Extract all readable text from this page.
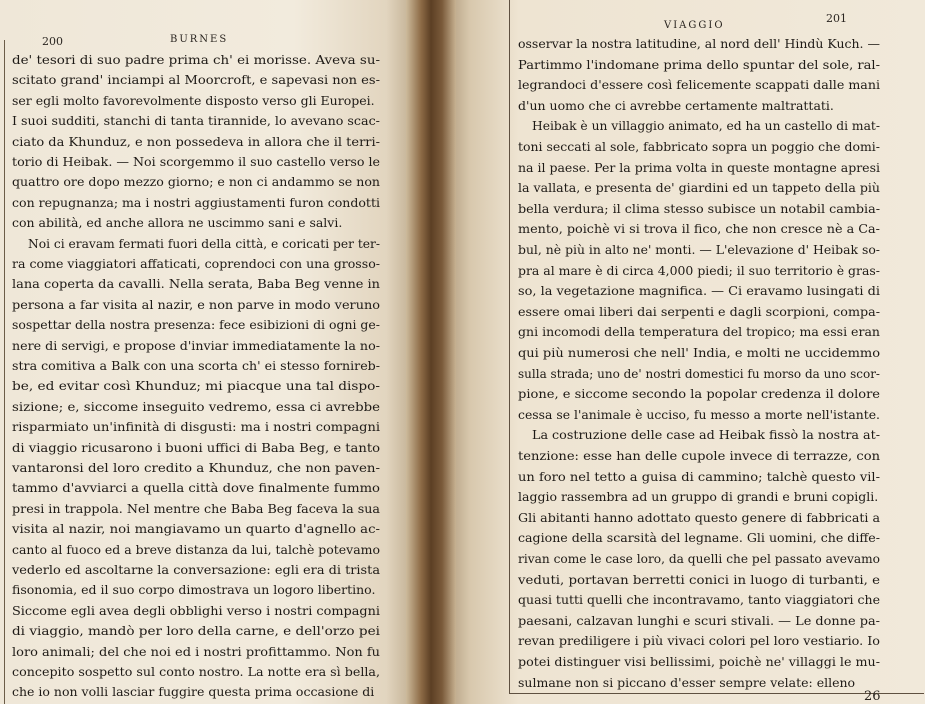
200	BURNES
VIAGGIO
201
de' tesori di suo padre prima ch' ei morisse. Aveva su-
scitato grand' inciampi al Moorcroft, e sapevasi non es-
ser egli molto favorevolmente disposto verso gli Europei.
I suoi sudditi, stanchi di tanta tirannide, lo avevano scac-
ciato da Khunduz, e non possedeva in allora che il terri-
torio di Heibak. — Noi scorgemmo il suo castello verso le
quattro ore dopo mezzo giorno; e non ci andammo se non
con repugnanza; ma i nostri aggiustamenti furon condotti
con abilità, ed anche allora ne uscimmo sani e salvi.
Noi ci eravam fermati fuori della città, e coricati per ter-
ra come viaggiatori affaticati, coprendoci con una grosso-
lana coperta da cavalli. Nella serata, Baba Beg venne in
persona a far visita al nazir, e non parve in modo veruno
sospettar della nostra presenza: fece esibizioni di ogni ge-
nere di servigi, e propose d'inviar immediatamente la no-
stra comitiva a Balk con una scorta ch' ei stesso fornireb-
be, ed evitar così Khunduz; mi piacque una tal dispo-
sizione; e, siccome inseguito vedremo, essa ci avrebbe
risparmiato un'infinità di disgusti: ma i nostri compagni
di viaggio ricusarono i buoni uffici di Baba Beg, e tanto
vantaronsi del loro credito a Khunduz, che non paven-
tammo d'avviarci a quella città dove finalmente fummo
presi in trappola. Nel mentre che Baba Beg faceva la sua
visita al nazir, noi mangiavamo un quarto d'agnello ac-
canto al fuoco ed a breve distanza da lui, talchè potevamo
vederlo ed ascoltarne la conversazione: egli era di trista
fisonomia, ed il suo corpo dimostrava un logoro libertino.
Siccome egli avea degli obblighi verso i nostri compagni
di viaggio, mandò per loro della carne, e dell'orzo pei
loro animali; del che noi ed i nostri profittammo. Non fu
concepito sospetto sul conto nostro. La notte era sì bella,
che io non volli lasciar fuggire questa prima occasione di
osservar la nostra latitudine, al nord dell' Hindù Kuch. —
Partimmo l'indomane prima dello spuntar del sole, ral-
legrandoci d'essere così felicemente scappati dalle mani
d'un uomo che ci avrebbe certamente maltrattati.
Heibak è un villaggio animato, ed ha un castello di mat-
toni seccati al sole, fabbricato sopra un poggio che domi-
na il paese. Per la prima volta in queste montagne apresi
la vallata, e presenta de' giardini ed un tappeto della più
bella verdura; il clima stesso subisce un notabil cambia-
mento, poichè vi si trova il fico, che non cresce nè a Ca-
bul, nè più in alto ne' monti. — L'elevazione d' Heibak so-
pra al mare è di circa 4,000 piedi; il suo territorio è gras-
so, la vegetazione magnifica. — Ci eravamo lusingati di
essere omai liberi dai serpenti e dagli scorpioni, compa-
gni incomodi della temperatura del tropico; ma essi eran
qui più numerosi che nell' India, e molti ne uccidemmo
sulla strada; uno de' nostri domestici fu morso da uno scor-
pione, e siccome secondo la popolar credenza il dolore
cessa se l'animale è ucciso, fu messo a morte nell'istante.
La costruzione delle case ad Heibak fissò la nostra at-
tenzione: esse han delle cupole invece di terrazze, con
un foro nel tetto a guisa di cammino; talchè questo vil-
laggio rassembra ad un gruppo di grandi e bruni copigli.
Gli abitanti hanno adottato questo genere di fabbricati a
cagione della scarsità del legname. Gli uomini, che diffe-
rivan come le case loro, da quelli che pel passato avevamo
veduti, portavan berretti conici in luogo di turbanti, e
quasi tutti quelli che incontravamo, tanto viaggiatori che
paesani, calzavan lunghi e scuri stivali. — Le donne pa-
revan prediligere i più vivaci colori pel loro vestiario. Io
potei distinguer visi bellissimi, poichè ne' villaggi le mu-
sulmane non si piccano d'esser sempre velate: elleno
26
